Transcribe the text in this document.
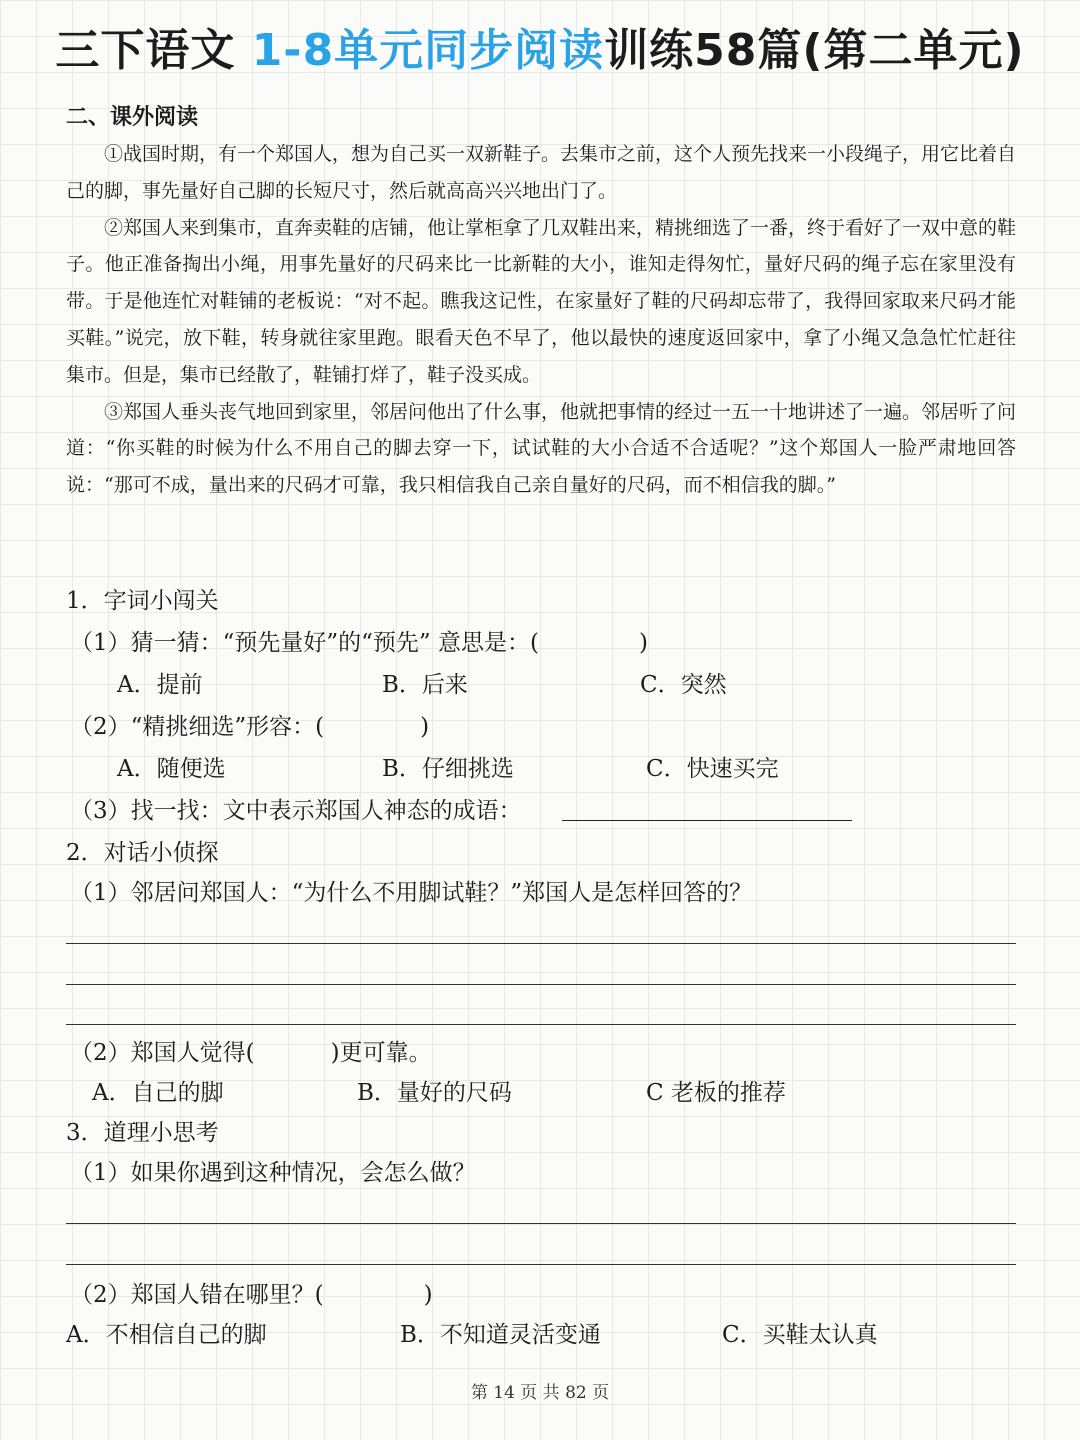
三下语文 1-8单元同步阅读训练58篇(第二单元)
二、课外阅读

①战国时期，有一个郑国人，想为自己买一双新鞋子。去集市之前，这个人预先找来一小段绳子，用它比着自己的脚，事先量好自己脚的长短尺寸，然后就高高兴兴地出门了。

②郑国人来到集市，直奔卖鞋的店铺，他让掌柜拿了几双鞋出来，精挑细选了一番，终于看好了一双中意的鞋子。他正准备掏出小绳，用事先量好的尺码来比一比新鞋的大小，谁知走得匆忙，量好尺码的绳子忘在家里没有带。于是他连忙对鞋铺的老板说：“对不起。瞧我这记性，在家量好了鞋的尺码却忘带了，我得回家取来尺码才能买鞋。”说完，放下鞋，转身就往家里跑。眼看天色不早了，他以最快的速度返回家中，拿了小绳又急急忙忙赶往集市。但是，集市已经散了，鞋铺打烊了，鞋子没买成。

③郑国人垂头丧气地回到家里，邻居问他出了什么事，他就把事情的经过一五一十地讲述了一遍。邻居听了问道：“你买鞋的时候为什么不用自己的脚去穿一下，试试鞋的大小合适不合适呢？”这个郑国人一脸严肃地回答说：“那可不成，量出来的尺码才可靠，我只相信我自己亲自量好的尺码，而不相信我的脚。”

1．字词小闯关
（1）猜一猜：“预先量好”的“预先” 意思是：(	)
A．提前	B．后来	C．突然
（2）“精挑细选”形容：(	)
A．随便选	B．仔细挑选	C．快速买完
（3）找一找：文中表示郑国人神态的成语：
2．对话小侦探
（1）邻居问郑国人：“为什么不用脚试鞋？”郑国人是怎样回答的？
（2）郑国人觉得(	)更可靠。
A．自己的脚	B．量好的尺码	C 老板的推荐
3．道理小思考
（1）如果你遇到这种情况，会怎么做？
（2）郑国人错在哪里？(	)
A．不相信自己的脚	B．不知道灵活变通	C．买鞋太认真
第 14 页 共 82 页
